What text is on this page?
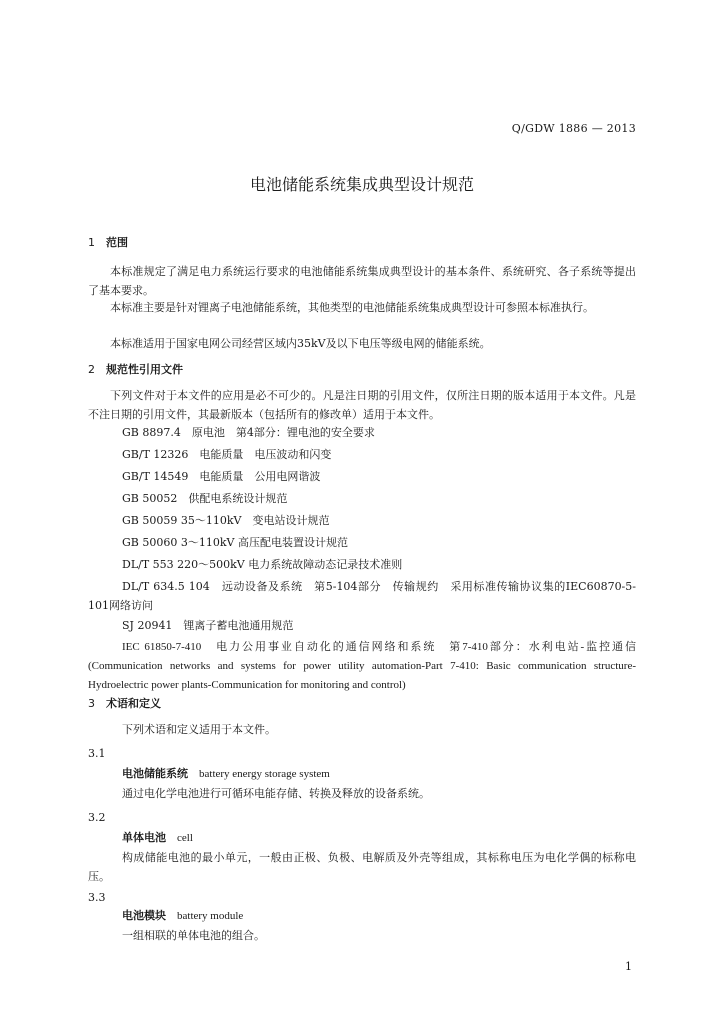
Q/GDW 1886 — 2013
电池储能系统集成典型设计规范
1 范围

本标准规定了满足电力系统运行要求的电池储能系统集成典型设计的基本条件、系统研究、各子系统等提出了基本要求。

本标准主要是针对锂离子电池储能系统，其他类型的电池储能系统集成典型设计可参照本标准执行。

本标准适用于国家电网公司经营区域内35kV及以下电压等级电网的储能系统。

2 规范性引用文件

下列文件对于本文件的应用是必不可少的。凡是注日期的引用文件，仅所注日期的版本适用于本文件。凡是不注日期的引用文件，其最新版本（包括所有的修改单）适用于本文件。

GB 8897.4　原电池　第4部分：锂电池的安全要求

GB/T 12326　电能质量　电压波动和闪变

GB/T 14549　电能质量　公用电网谐波

GB 50052　供配电系统设计规范

GB 50059 35～110kV　变电站设计规范

GB 50060 3～110kV 高压配电装置设计规范

DL/T 553 220～500kV 电力系统故障动态记录技术准则

DL/T 634.5 104　远动设备及系统　第5-104部分　传输规约　采用标准传输协议集的IEC60870-5-101网络访问

SJ 20941　锂离子蓄电池通用规范

IEC 61850-7-410　电力公用事业自动化的通信网络和系统　第7-410部分：水利电站-监控通信(Communication networks and systems for power utility automation-Part 7-410: Basic communication structure-Hydroelectric power plants-Communication for monitoring and control)

3 术语和定义

下列术语和定义适用于本文件。

3.1
电池储能系统　 battery energy storage system

通过电化学电池进行可循环电能存储、转换及释放的设备系统。

3.2
单体电池　 cell

构成储能电池的最小单元，一般由正极、负极、电解质及外壳等组成，其标称电压为电化学偶的标称电压。

3.3
电池模块　 battery module

一组相联的单体电池的组合。

1
